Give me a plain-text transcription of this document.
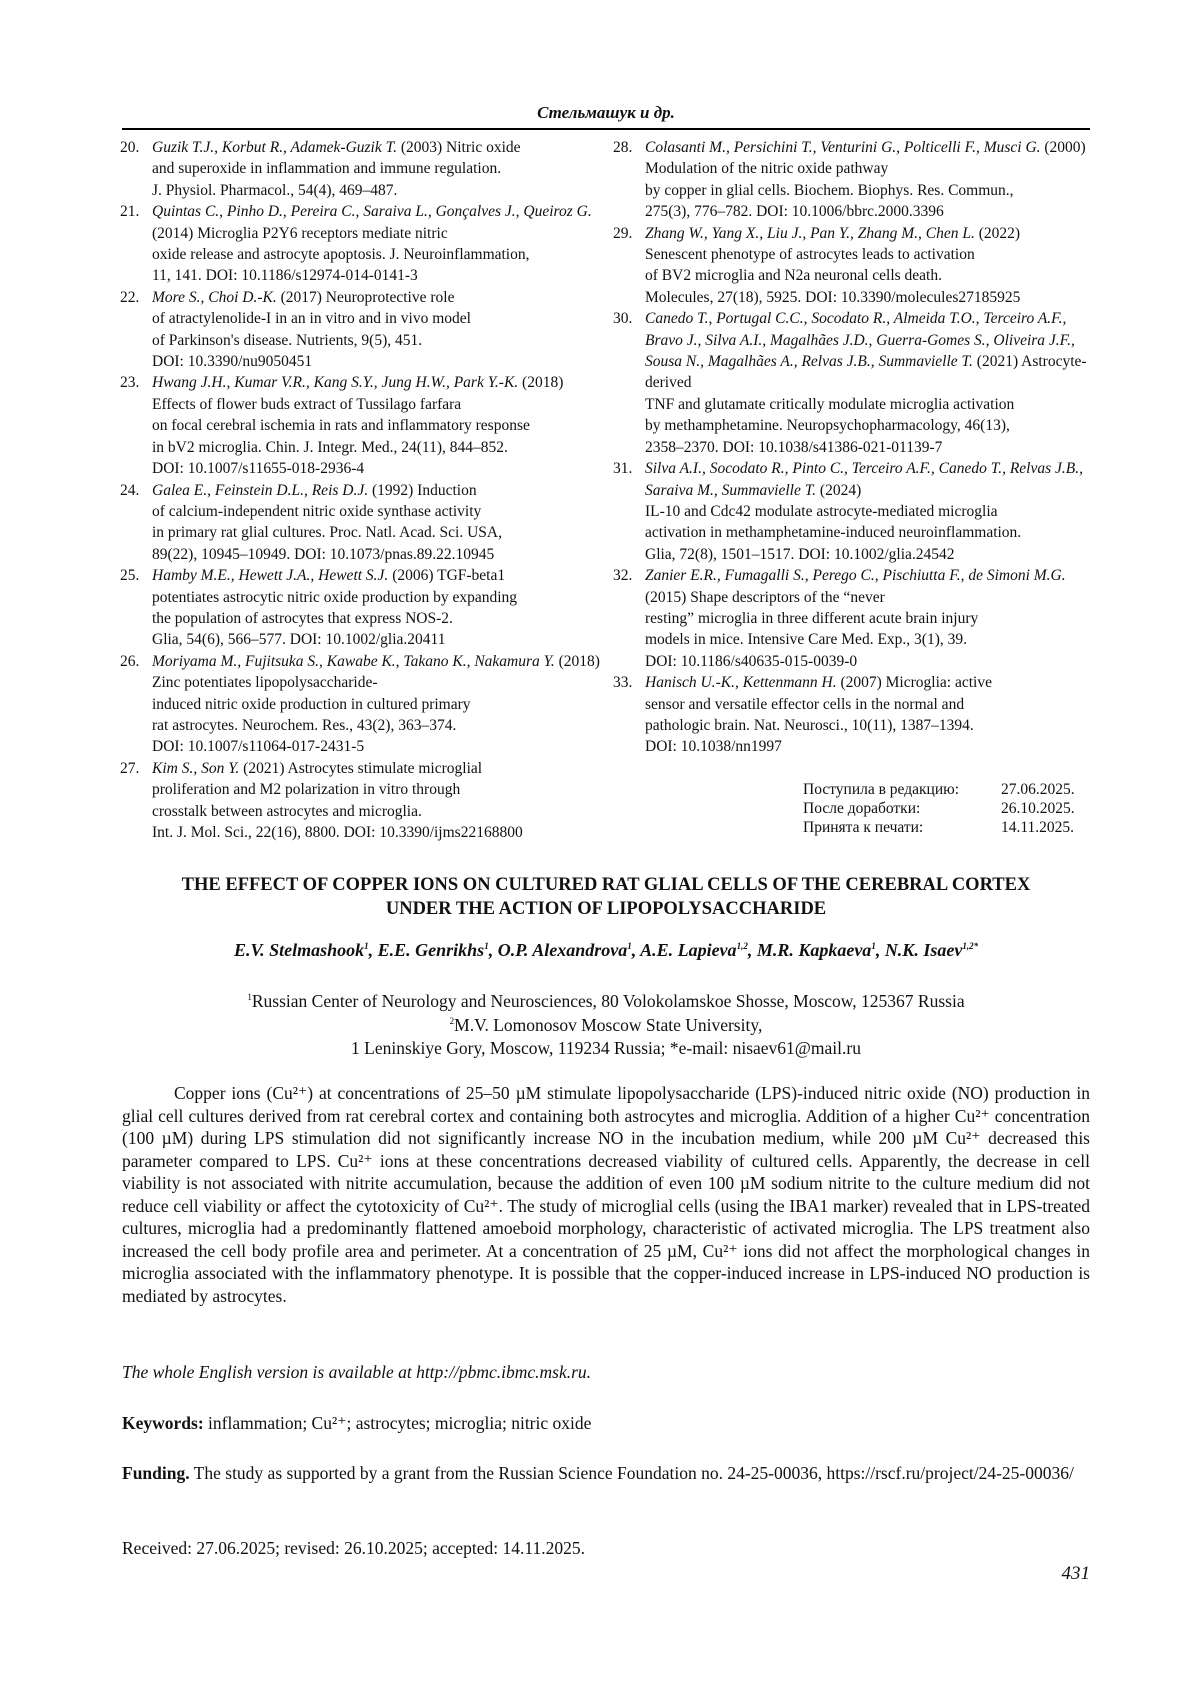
Стельмашук и др.
20. Guzik T.J., Korbut R., Adamek-Guzik T. (2003) Nitric oxide
and superoxide in inflammation and immune regulation.
J. Physiol. Pharmacol., 54(4), 469–487.
21. Quintas C., Pinho D., Pereira C., Saraiva L., Gonçalves J., Queiroz G. (2014) Microglia P2Y6 receptors mediate nitric
oxide release and astrocyte apoptosis. J. Neuroinflammation,
11, 141. DOI: 10.1186/s12974-014-0141-3
22. More S., Choi D.-K. (2017) Neuroprotective role
of atractylenolide-I in an in vitro and in vivo model
of Parkinson's disease. Nutrients, 9(5), 451.
DOI: 10.3390/nu9050451
23. Hwang J.H., Kumar V.R., Kang S.Y., Jung H.W., Park Y.-K. (2018) Effects of flower buds extract of Tussilago farfara
on focal cerebral ischemia in rats and inflammatory response
in bV2 microglia. Chin. J. Integr. Med., 24(11), 844–852.
DOI: 10.1007/s11655-018-2936-4
24. Galea E., Feinstein D.L., Reis D.J. (1992) Induction
of calcium-independent nitric oxide synthase activity
in primary rat glial cultures. Proc. Natl. Acad. Sci. USA,
89(22), 10945–10949. DOI: 10.1073/pnas.89.22.10945
25. Hamby M.E., Hewett J.A., Hewett S.J. (2006) TGF-beta1
potentiates astrocytic nitric oxide production by expanding
the population of astrocytes that express NOS-2.
Glia, 54(6), 566–577. DOI: 10.1002/glia.20411
26. Moriyama M., Fujitsuka S., Kawabe K., Takano K., Nakamura Y. (2018) Zinc potentiates lipopolysaccharide-
induced nitric oxide production in cultured primary
rat astrocytes. Neurochem. Res., 43(2), 363–374.
DOI: 10.1007/s11064-017-2431-5
27. Kim S., Son Y. (2021) Astrocytes stimulate microglial
proliferation and M2 polarization in vitro through
crosstalk between astrocytes and microglia.
Int. J. Mol. Sci., 22(16), 8800. DOI: 10.3390/ijms22168800
28. Colasanti M., Persichini T., Venturini G., Polticelli F., Musci G. (2000) Modulation of the nitric oxide pathway
by copper in glial cells. Biochem. Biophys. Res. Commun.,
275(3), 776–782. DOI: 10.1006/bbrc.2000.3396
29. Zhang W., Yang X., Liu J., Pan Y., Zhang M., Chen L. (2022)
Senescent phenotype of astrocytes leads to activation
of BV2 microglia and N2a neuronal cells death.
Molecules, 27(18), 5925. DOI: 10.3390/molecules27185925
30. Canedo T., Portugal C.C., Socodato R., Almeida T.O., Terceiro A.F., Bravo J., Silva A.I., Magalhães J.D., Guerra-Gomes S., Oliveira J.F., Sousa N., Magalhães A., Relvas J.B., Summavielle T. (2021) Astrocyte-derived
TNF and glutamate critically modulate microglia activation
by methamphetamine. Neuropsychopharmacology, 46(13),
2358–2370. DOI: 10.1038/s41386-021-01139-7
31. Silva A.I., Socodato R., Pinto C., Terceiro A.F., Canedo T., Relvas J.B., Saraiva M., Summavielle T. (2024)
IL-10 and Cdc42 modulate astrocyte-mediated microglia
activation in methamphetamine-induced neuroinflammation.
Glia, 72(8), 1501–1517. DOI: 10.1002/glia.24542
32. Zanier E.R., Fumagalli S., Perego C., Pischiutta F., de Simoni M.G. (2015) Shape descriptors of the “never
resting” microglia in three different acute brain injury
models in mice. Intensive Care Med. Exp., 3(1), 39.
DOI: 10.1186/s40635-015-0039-0
33. Hanisch U.-K., Kettenmann H. (2007) Microglia: active
sensor and versatile effector cells in the normal and
pathologic brain. Nat. Neurosci., 10(11), 1387–1394.
DOI: 10.1038/nn1997
Поступила в редакцию:	27.06.2025.
После доработки:	26.10.2025.
Принята к печати:	14.11.2025.
THE EFFECT OF COPPER IONS ON CULTURED RAT GLIAL CELLS OF THE CEREBRAL CORTEX
UNDER THE ACTION OF LIPOPOLYSACCHARIDE
E.V. Stelmashook$^1$, E.E. Genrikhs$^1$, O.P. Alexandrova$^1$, A.E. Lapieva$^{1,2}$, M.R. Kapkaeva$^1$, N.K. Isaev$^{1,2*}$
$^1$Russian Center of Neurology and Neurosciences, 80 Volokolamskoe Shosse, Moscow, 125367 Russia
$^2$M.V. Lomonosov Moscow State University,
1 Leninskiye Gory, Moscow, 119234 Russia; *e-mail: nisaev61@mail.ru

Copper ions (Cu²⁺) at concentrations of 25–50 µM stimulate lipopolysaccharide (LPS)-induced nitric oxide (NO) production in glial cell cultures derived from rat cerebral cortex and containing both astrocytes and microglia. Addition of a higher Cu²⁺ concentration (100 µM) during LPS stimulation did not significantly increase NO in the incubation medium, while 200 µM Cu²⁺ decreased this parameter compared to LPS. Cu²⁺ ions at these concentrations decreased viability of cultured cells. Apparently, the decrease in cell viability is not associated with nitrite accumulation, because the addition of even 100 µM sodium nitrite to the culture medium did not reduce cell viability or affect the cytotoxicity of Cu²⁺. The study of microglial cells (using the IBA1 marker) revealed that in LPS-treated cultures, microglia had a predominantly flattened amoeboid morphology, characteristic of activated microglia. The LPS treatment also increased the cell body profile area and perimeter. At a concentration of 25 µM, Cu²⁺ ions did not affect the morphological changes in microglia associated with the inflammatory phenotype. It is possible that the copper-induced increase in LPS-induced NO production is mediated by astrocytes.

The whole English version is available at http://pbmc.ibmc.msk.ru.
Keywords: inflammation; Cu²⁺; astrocytes; microglia; nitric oxide

Funding. The study as supported by a grant from the Russian Science Foundation no. 24-25-00036, https://rscf.ru/project/24-25-00036/

Received: 27.06.2025; revised: 26.10.2025; accepted: 14.11.2025.
431
